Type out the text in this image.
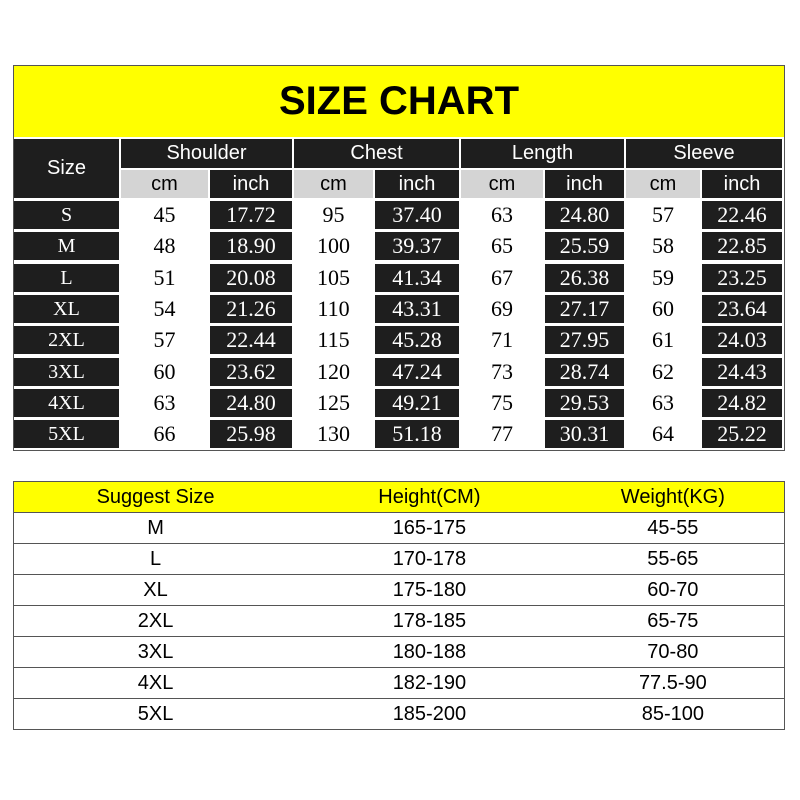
SIZE CHART
Size
Shoulder
cm	inch
Chest
cm	inch
Length
cm	inch
Sleeve
cm	inch
S	45	17.72	95	37.40	63	24.80	57	22.46
M	48	18.90	100	39.37	65	25.59	58	22.85
L	51	20.08	105	41.34	67	26.38	59	23.25
XL	54	21.26	110	43.31	69	27.17	60	23.64
2XL	57	22.44	115	45.28	71	27.95	61	24.03
3XL	60	23.62	120	47.24	73	28.74	62	24.43
4XL	63	24.80	125	49.21	75	29.53	63	24.82
5XL	66	25.98	130	51.18	77	30.31	64	25.22
Suggest Size	Height(CM)	Weight(KG)
M	165-175	45-55
L	170-178	55-65
XL	175-180	60-70
2XL	178-185	65-75
3XL	180-188	70-80
4XL	182-190	77.5-90
5XL	185-200	85-100
